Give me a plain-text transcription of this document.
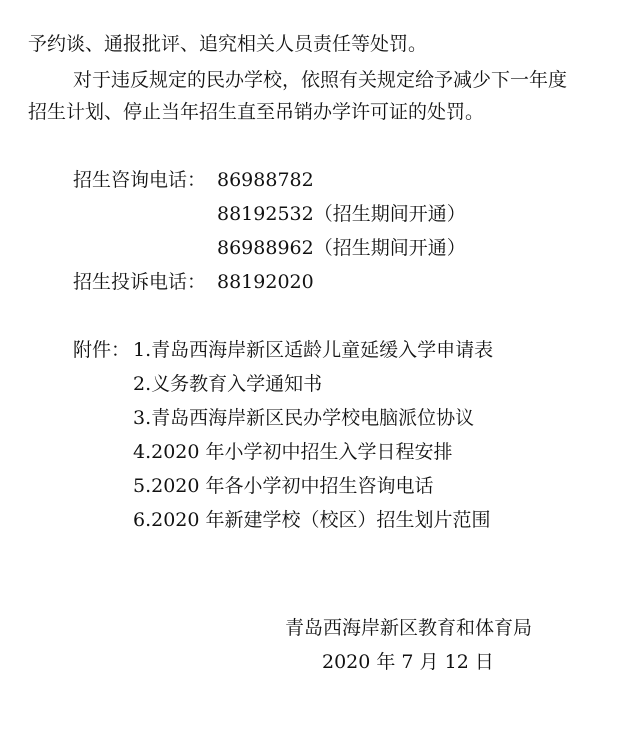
予约谈、通报批评、追究相关人员责任等处罚。
对于违反规定的民办学校，依照有关规定给予减少下一年度
招生计划、停止当年招生直至吊销办学许可证的处罚。
招生咨询电话： 86988782
88192532（招生期间开通）
86988962（招生期间开通）
招生投诉电话： 88192020
附件： 1.青岛西海岸新区适龄儿童延缓入学申请表
2.义务教育入学通知书
3.青岛西海岸新区民办学校电脑派位协议
4.2020 年小学初中招生入学日程安排
5.2020 年各小学初中招生咨询电话
6.2020 年新建学校（校区）招生划片范围
青岛西海岸新区教育和体育局
2020 年 7 月 12 日
